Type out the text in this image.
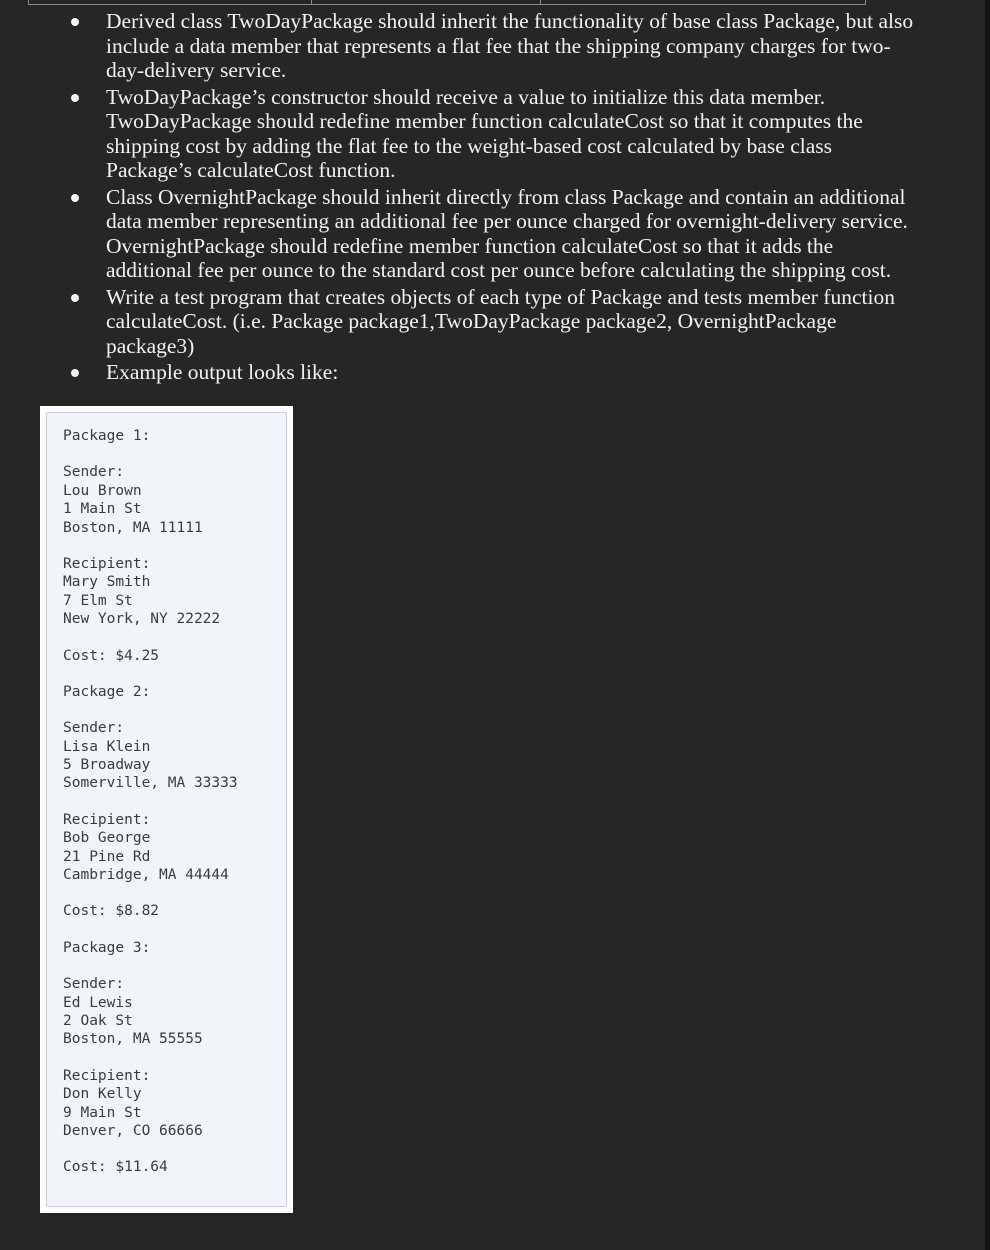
Derived class TwoDayPackage should inherit the functionality of base class Package, but also include a data member that represents a flat fee that the shipping company charges for two-day-delivery service.
TwoDayPackage’s constructor should receive a value to initialize this data member. TwoDayPackage should redefine member function calculateCost so that it computes the shipping cost by adding the flat fee to the weight-based cost calculated by base class Package’s calculateCost function.
Class OvernightPackage should inherit directly from class Package and contain an additional data member representing an additional fee per ounce charged for overnight-delivery service. OvernightPackage should redefine member function calculateCost so that it adds the additional fee per ounce to the standard cost per ounce before calculating the shipping cost.
Write a test program that creates objects of each type of Package and tests member function calculateCost. (i.e. Package package1,TwoDayPackage package2, OvernightPackage package3)
Example output looks like:
Package 1:
Sender:
Lou Brown
1 Main St
Boston, MA 11111
Recipient:
Mary Smith
7 Elm St
New York, NY 22222
Cost: $4.25
Package 2:
Sender:
Lisa Klein
5 Broadway
Somerville, MA 33333
Recipient:
Bob George
21 Pine Rd
Cambridge, MA 44444
Cost: $8.82
Package 3:
Sender:
Ed Lewis
2 Oak St
Boston, MA 55555
Recipient:
Don Kelly
9 Main St
Denver, CO 66666
Cost: $11.64
